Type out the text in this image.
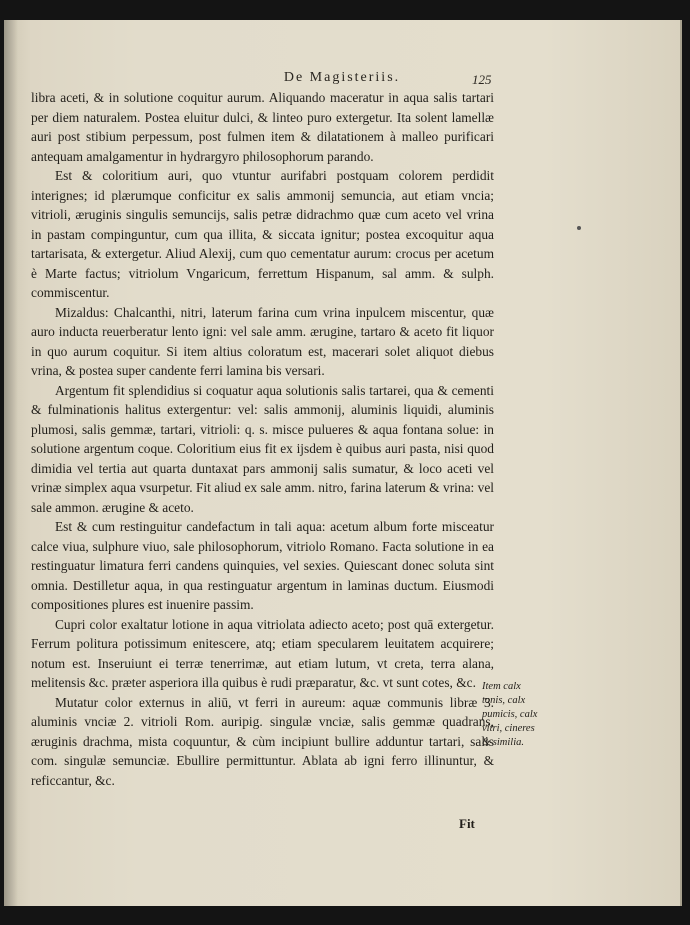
De Magisteriis.	125

libra aceti, & in solutione coquitur aurum. Aliquando maceratur in aqua salis tartari per diem naturalem. Postea eluitur dulci, & linteo puro extergetur. Ita solent lamellæ auri post stibium perpessum, post fulmen item & dilatationem à malleo purificari antequam amalgamentur in hydrargyro philosophorum parando.

Est & coloritium auri, quo vtuntur aurifabri postquam colorem perdidit interignes; id plærumque conficitur ex salis ammonij semuncia, aut etiam vncia; vitrioli, æruginis singulis semuncijs, salis petræ didrachmo quæ cum aceto vel vrina in pastam compinguntur, cum qua illita, & siccata ignitur; postea excoquitur aqua tartarisata, & extergetur. Aliud Alexij, cum quo cementatur aurum: crocus per acetum è Marte factus; vitriolum Vngaricum, ferrettum Hispanum, sal amm. & sulph. commiscentur.

Mizaldus: Chalcanthi, nitri, laterum farina cum vrina inpulcem miscentur, quæ auro inducta reuerberatur lento igni: vel sale amm. ærugine, tartaro & aceto fit liquor in quo aurum coquitur. Si item altius coloratum est, macerari solet aliquot diebus vrina, & postea super candente ferri lamina bis versari.

Argentum fit splendidius si coquatur aqua solutionis salis tartarei, qua & cementi & fulminationis halitus extergentur: vel: salis ammonij, aluminis liquidi, aluminis plumosi, salis gemmæ, tartari, vitrioli: q. s. misce pulueres & aqua fontana solue: in solutione argentum coque. Coloritium eius fit ex ijsdem è quibus auri pasta, nisi quod dimidia vel tertia aut quarta duntaxat pars ammonij salis sumatur, & loco aceti vel vrinæ simplex aqua vsurpetur. Fit aliud ex sale amm. nitro, farina laterum & vrina: vel sale ammon. ærugine & aceto.

Est & cum restinguitur candefactum in tali aqua: acetum album forte misceatur calce viua, sulphure viuo, sale philosophorum, vitriolo Romano. Facta solutione in ea restinguatur limatura ferri candens quinquies, vel sexies. Quiescant donec soluta sint omnia. Destilletur aqua, in qua restinguatur argentum in laminas ductum. Eiusmodi compositiones plures est inuenire passim.

Cupri color exaltatur lotione in aqua vitriolata adiecto aceto; post quā extergetur. Ferrum politura potissimum enitescere, atq; etiam specularem leuitatem acquirere; notum est. Inseruiunt ei terræ tenerrimæ, aut etiam lutum, vt creta, terra alana, melitensis &c. præter asperiora illa quibus è rudi præparatur, &c. vt sunt cotes, &c.

Mutatur color externus in aliū, vt ferri in aureum: aquæ communis libræ 3. aluminis vnciæ 2. vitrioli Rom. auripig. singulæ vnciæ, salis gemmæ quadrans, æruginis drachma, mista coquuntur, & cùm incipiunt bullire adduntur tartari, salis com. singulæ semunciæ. Ebullire permittuntur. Ablata ab igni ferro illinuntur, & reficcantur, &c.

Item calx tonis, calx pumicis, calx vitri, cineres & similia.
Fit
